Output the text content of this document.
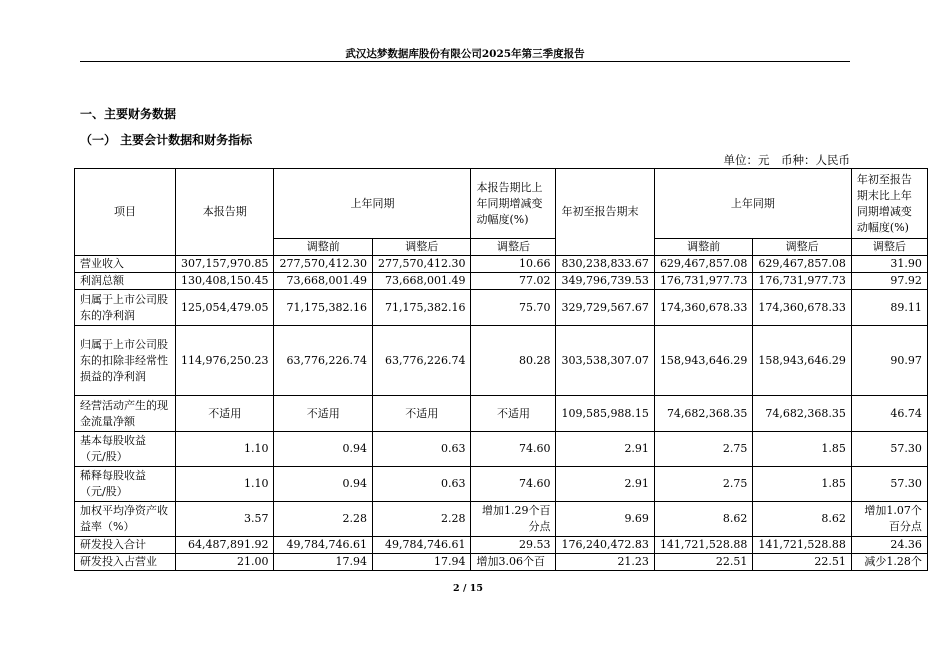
武汉达梦数据库股份有限公司2025年第三季度报告
一、主要财务数据
（一） 主要会计数据和财务指标
单位：元　币种：人民币
项目	本报告期	上年同期		本报告期比上年同期增减变动幅度(%)	年初至报告期末	上年同期		年初至报告期末比上年同期增减变动幅度(%)
		调整前	调整后	调整后		调整前	调整后	调整后
营业收入	307,157,970.85	277,570,412.30	277,570,412.30	10.66	830,238,833.67	629,467,857.08	629,467,857.08	31.90
利润总额	130,408,150.45	73,668,001.49	73,668,001.49	77.02	349,796,739.53	176,731,977.73	176,731,977.73	97.92
归属于上市公司股东的净利润	125,054,479.05	71,175,382.16	71,175,382.16	75.70	329,729,567.67	174,360,678.33	174,360,678.33	89.11
归属于上市公司股东的扣除非经常性损益的净利润	114,976,250.23	63,776,226.74	63,776,226.74	80.28	303,538,307.07	158,943,646.29	158,943,646.29	90.97
经营活动产生的现金流量净额	不适用	不适用	不适用	不适用	109,585,988.15	74,682,368.35	74,682,368.35	46.74
基本每股收益（元/股）	1.10	0.94	0.63	74.60	2.91	2.75	1.85	57.30
稀释每股收益（元/股）	1.10	0.94	0.63	74.60	2.91	2.75	1.85	57.30
加权平均净资产收益率（%）	3.57	2.28	2.28	增加1.29个百分点	9.69	8.62	8.62	增加1.07个百分点
研发投入合计	64,487,891.92	49,784,746.61	49,784,746.61	29.53	176,240,472.83	141,721,528.88	141,721,528.88	24.36
研发投入占营业	21.00	17.94	17.94	增加3.06个百	21.23	22.51	22.51	减少1.28个
2 / 15
